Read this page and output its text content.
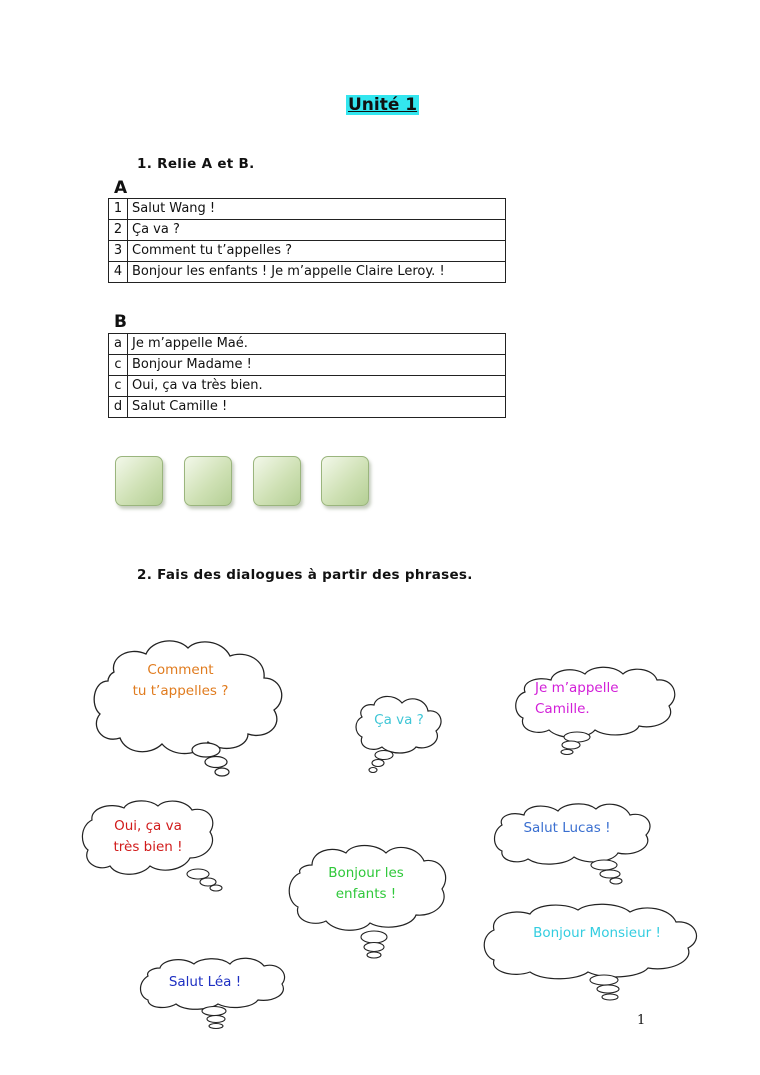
Unité 1
1. Relie A et B.
A
1	Salut Wang !
2	Ça va ?
3	Comment tu t’appelles ?
4	Bonjour les enfants ! Je m’appelle Claire Leroy. !
B
a	Je m’appelle Maé.
c	Bonjour Madame !
c	Oui, ça va très bien.
d	Salut Camille !
2. Fais des dialogues à partir des phrases.
Comment
tu t’appelles ?
Ça va ?
Je m’appelle
Camille.
Oui, ça va
très bien !
Salut Lucas !
Bonjour les
enfants !
Bonjour Monsieur !
Salut Léa !
1
